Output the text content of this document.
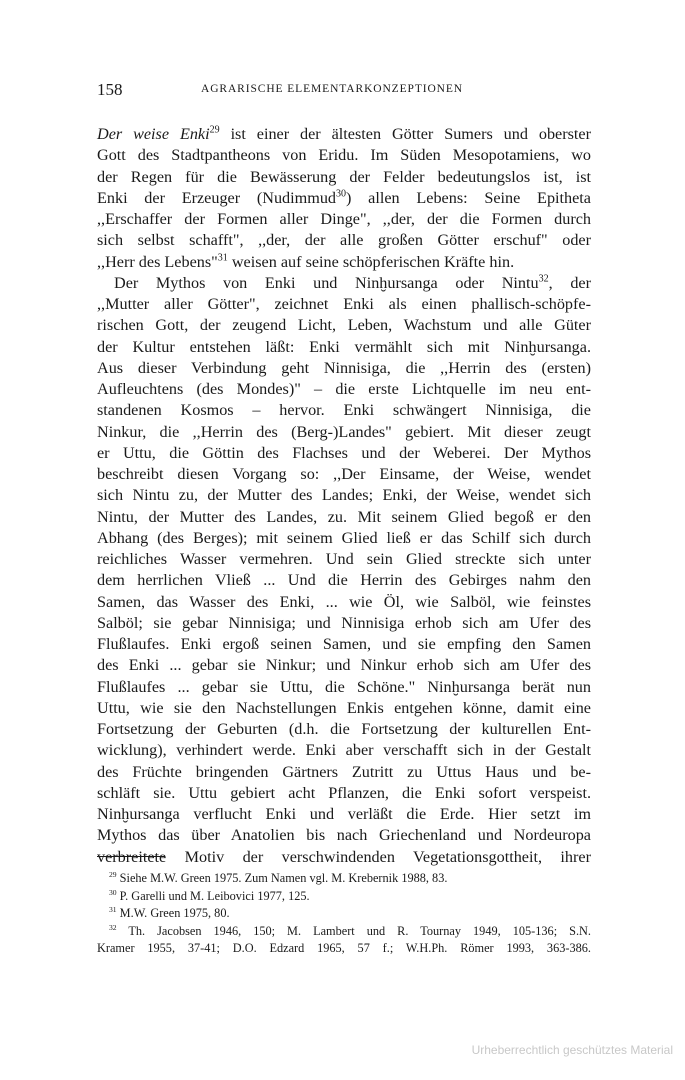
158	AGRARISCHE ELEMENTARKONZEPTIONEN
Der weise Enki$^{29}$ ist einer der ältesten Götter Sumers und oberster
Gott des Stadtpantheons von Eridu. Im Süden Mesopotamiens, wo
der Regen für die Bewässerung der Felder bedeutungslos ist, ist
Enki der Erzeuger (Nudimmud$^{30}$) allen Lebens: Seine Epitheta
,,Erschaffer der Formen aller Dinge", ,,der, der die Formen durch
sich selbst schafft", ,,der, der alle großen Götter erschuf" oder
,,Herr des Lebens"$^{31}$ weisen auf seine schöpferischen Kräfte hin.
Der Mythos von Enki und Ninḫursanga oder Nintu$^{32}$, der
,,Mutter aller Götter", zeichnet Enki als einen phallisch-schöpfe-
rischen Gott, der zeugend Licht, Leben, Wachstum und alle Güter
der Kultur entstehen läßt: Enki vermählt sich mit Ninḫursanga.
Aus dieser Verbindung geht Ninnisiga, die ,,Herrin des (ersten)
Aufleuchtens (des Mondes)" – die erste Lichtquelle im neu ent-
standenen Kosmos – hervor. Enki schwängert Ninnisiga, die
Ninkur, die ,,Herrin des (Berg-)Landes" gebiert. Mit dieser zeugt
er Uttu, die Göttin des Flachses und der Weberei. Der Mythos
beschreibt diesen Vorgang so: ,,Der Einsame, der Weise, wendet
sich Nintu zu, der Mutter des Landes; Enki, der Weise, wendet sich
Nintu, der Mutter des Landes, zu. Mit seinem Glied begoß er den
Abhang (des Berges); mit seinem Glied ließ er das Schilf sich durch
reichliches Wasser vermehren. Und sein Glied streckte sich unter
dem herrlichen Vließ ... Und die Herrin des Gebirges nahm den
Samen, das Wasser des Enki, ... wie Öl, wie Salböl, wie feinstes
Salböl; sie gebar Ninnisiga; und Ninnisiga erhob sich am Ufer des
Flußlaufes. Enki ergoß seinen Samen, und sie empfing den Samen
des Enki ... gebar sie Ninkur; und Ninkur erhob sich am Ufer des
Flußlaufes ... gebar sie Uttu, die Schöne." Ninḫursanga berät nun
Uttu, wie sie den Nachstellungen Enkis entgehen könne, damit eine
Fortsetzung der Geburten (d.h. die Fortsetzung der kulturellen Ent-
wicklung), verhindert werde. Enki aber verschafft sich in der Gestalt
des Früchte bringenden Gärtners Zutritt zu Uttus Haus und be-
schläft sie. Uttu gebiert acht Pflanzen, die Enki sofort verspeist.
Ninḫursanga verflucht Enki und verläßt die Erde. Hier setzt im
Mythos das über Anatolien bis nach Griechenland und Nordeuropa
verbreitete Motiv der verschwindenden Vegetationsgottheit, ihrer
$^{29}$ Siehe M.W. Green 1975. Zum Namen vgl. M. Krebernik 1988, 83.
$^{30}$ P. Garelli und M. Leibovici 1977, 125.
$^{31}$ M.W. Green 1975, 80.
$^{32}$ Th. Jacobsen 1946, 150; M. Lambert und R. Tournay 1949, 105-136; S.N.
Kramer 1955, 37-41; D.O. Edzard 1965, 57 f.; W.H.Ph. Römer 1993, 363-386.
Urheberrechtlich geschütztes Material
